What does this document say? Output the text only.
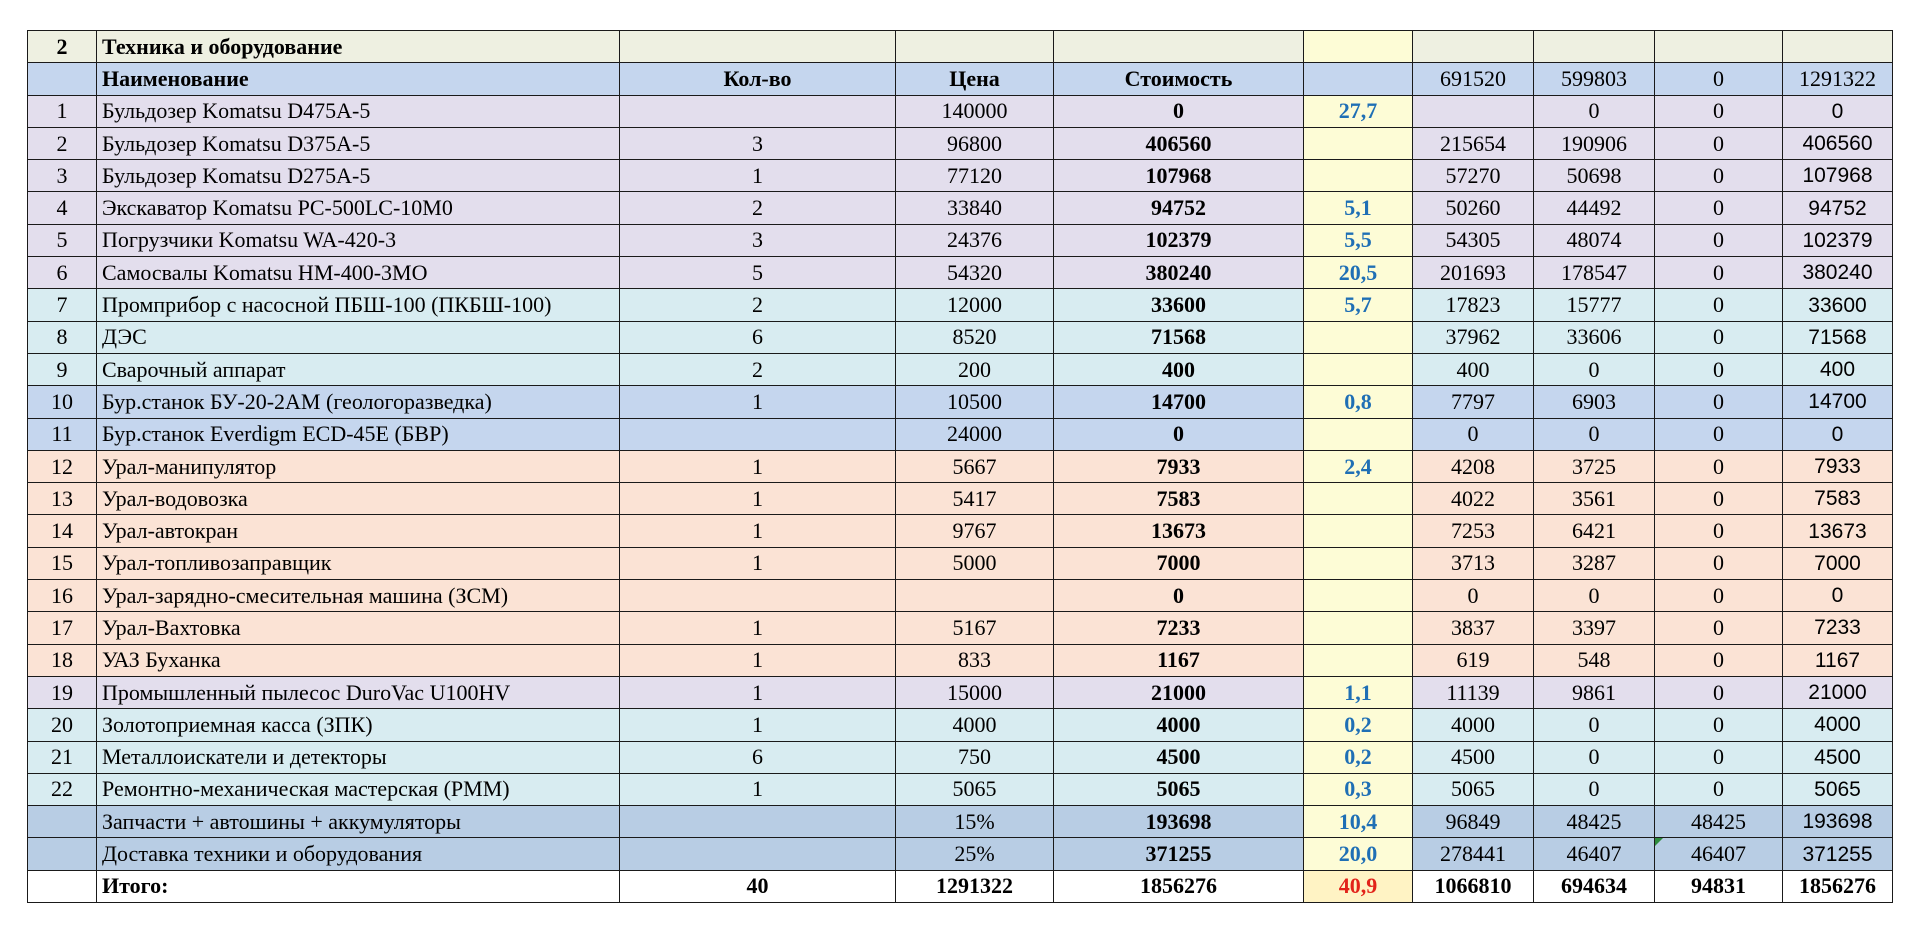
2	Техника и оборудование								
	Наименование	Кол-во	Цена	Стоимость		691520	599803	0	1291322
1	Бульдозер Komatsu D475A-5		140000	0	27,7		0	0	0
2	Бульдозер Komatsu D375A-5	3	96800	406560		215654	190906	0	406560
3	Бульдозер Komatsu D275A-5	1	77120	107968		57270	50698	0	107968
4	Экскаватор Komatsu PC-500LC-10M0	2	33840	94752	5,1	50260	44492	0	94752
5	Погрузчики Komatsu WA-420-3	3	24376	102379	5,5	54305	48074	0	102379
6	Самосвалы Komatsu HM-400-3MO	5	54320	380240	20,5	201693	178547	0	380240
7	Промприбор с насосной ПБШ-100 (ПКБШ-100)	2	12000	33600	5,7	17823	15777	0	33600
8	ДЭС	6	8520	71568		37962	33606	0	71568
9	Сварочный аппарат	2	200	400		400	0	0	400
10	Бур.станок БУ-20-2АМ (геологоразведка)	1	10500	14700	0,8	7797	6903	0	14700
11	Бур.станок Everdigm ECD-45E (БВР)		24000	0		0	0	0	0
12	Урал-манипулятор	1	5667	7933	2,4	4208	3725	0	7933
13	Урал-водовозка	1	5417	7583		4022	3561	0	7583
14	Урал-автокран	1	9767	13673		7253	6421	0	13673
15	Урал-топливозаправщик	1	5000	7000		3713	3287	0	7000
16	Урал-зарядно-смесительная машина (ЗСМ)			0		0	0	0	0
17	Урал-Вахтовка	1	5167	7233		3837	3397	0	7233
18	УАЗ Буханка	1	833	1167		619	548	0	1167
19	Промышленный пылесос DuroVac U100HV	1	15000	21000	1,1	11139	9861	0	21000
20	Золотоприемная касса (ЗПК)	1	4000	4000	0,2	4000	0	0	4000
21	Металлоискатели и детекторы	6	750	4500	0,2	4500	0	0	4500
22	Ремонтно-механическая мастерская (РММ)	1	5065	5065	0,3	5065	0	0	5065
	Запчасти + автошины + аккумуляторы		15%	193698	10,4	96849	48425	48425	193698
	Доставка техники и оборудования		25%	371255	20,0	278441	46407	46407	371255
	Итого:	40	1291322	1856276	40,9	1066810	694634	94831	1856276
